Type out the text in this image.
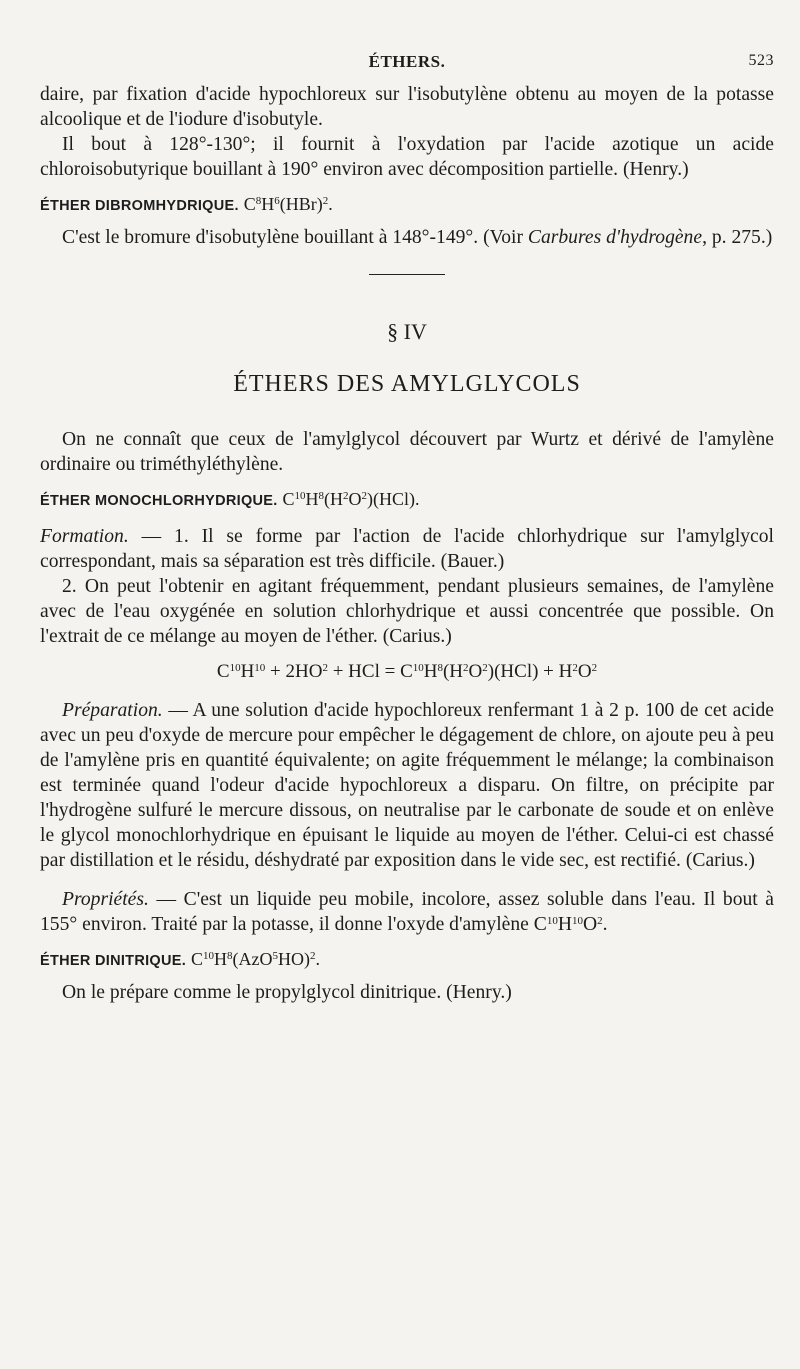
ÉTHERS.	523

daire, par fixation d'acide hypochloreux sur l'isobutylène obtenu au moyen de la potasse alcoolique et de l'iodure d'isobutyle.

Il bout à 128°-130°; il fournit à l'oxydation par l'acide azotique un acide chloroisobutyrique bouillant à 190° environ avec décomposition partielle. (Henry.)

ÉTHER DIBROMHYDRIQUE. $C^8H^6(HBr)^2$.

C'est le bromure d'isobutylène bouillant à 148°-149°. (Voir Carbures d'hydrogène, p. 275.)

§ IV
ÉTHERS DES AMYLGLYCOLS

On ne connaît que ceux de l'amylglycol découvert par Wurtz et dérivé de l'amylène ordinaire ou triméthyléthylène.

ÉTHER MONOCHLORHYDRIQUE. $C^{10}H^8(H^2O^2)(HCl)$.

Formation. — 1. Il se forme par l'action de l'acide chlorhydrique sur l'amylglycol correspondant, mais sa séparation est très difficile. (Bauer.)

2. On peut l'obtenir en agitant fréquemment, pendant plusieurs semaines, de l'amylène avec de l'eau oxygénée en solution chlorhydrique et aussi concentrée que possible. On l'extrait de ce mélange au moyen de l'éther. (Carius.)

$C^{10}H^{10} + 2HO^2$ + HCl = $C^{10}H^8(H^2O^2)(HCl) + H^2O^2$

Préparation. — A une solution d'acide hypochloreux renfermant 1 à 2 p. 100 de cet acide avec un peu d'oxyde de mercure pour empêcher le dégagement de chlore, on ajoute peu à peu de l'amylène pris en quantité équivalente; on agite fréquemment le mélange; la combinaison est terminée quand l'odeur d'acide hypochloreux a disparu. On filtre, on précipite par l'hydrogène sulfuré le mercure dissous, on neutralise par le carbonate de soude et on enlève le glycol monochlorhydrique en épuisant le liquide au moyen de l'éther. Celui-ci est chassé par distillation et le résidu, déshydraté par exposition dans le vide sec, est rectifié. (Carius.)

Propriétés. — C'est un liquide peu mobile, incolore, assez soluble dans l'eau. Il bout à 155° environ. Traité par la potasse, il donne l'oxyde d'amylène $C^{10}H^{10}O^2$.

ÉTHER DINITRIQUE. $C^{10}H^8(AzO^5HO)^2$.

On le prépare comme le propylglycol dinitrique. (Henry.)
